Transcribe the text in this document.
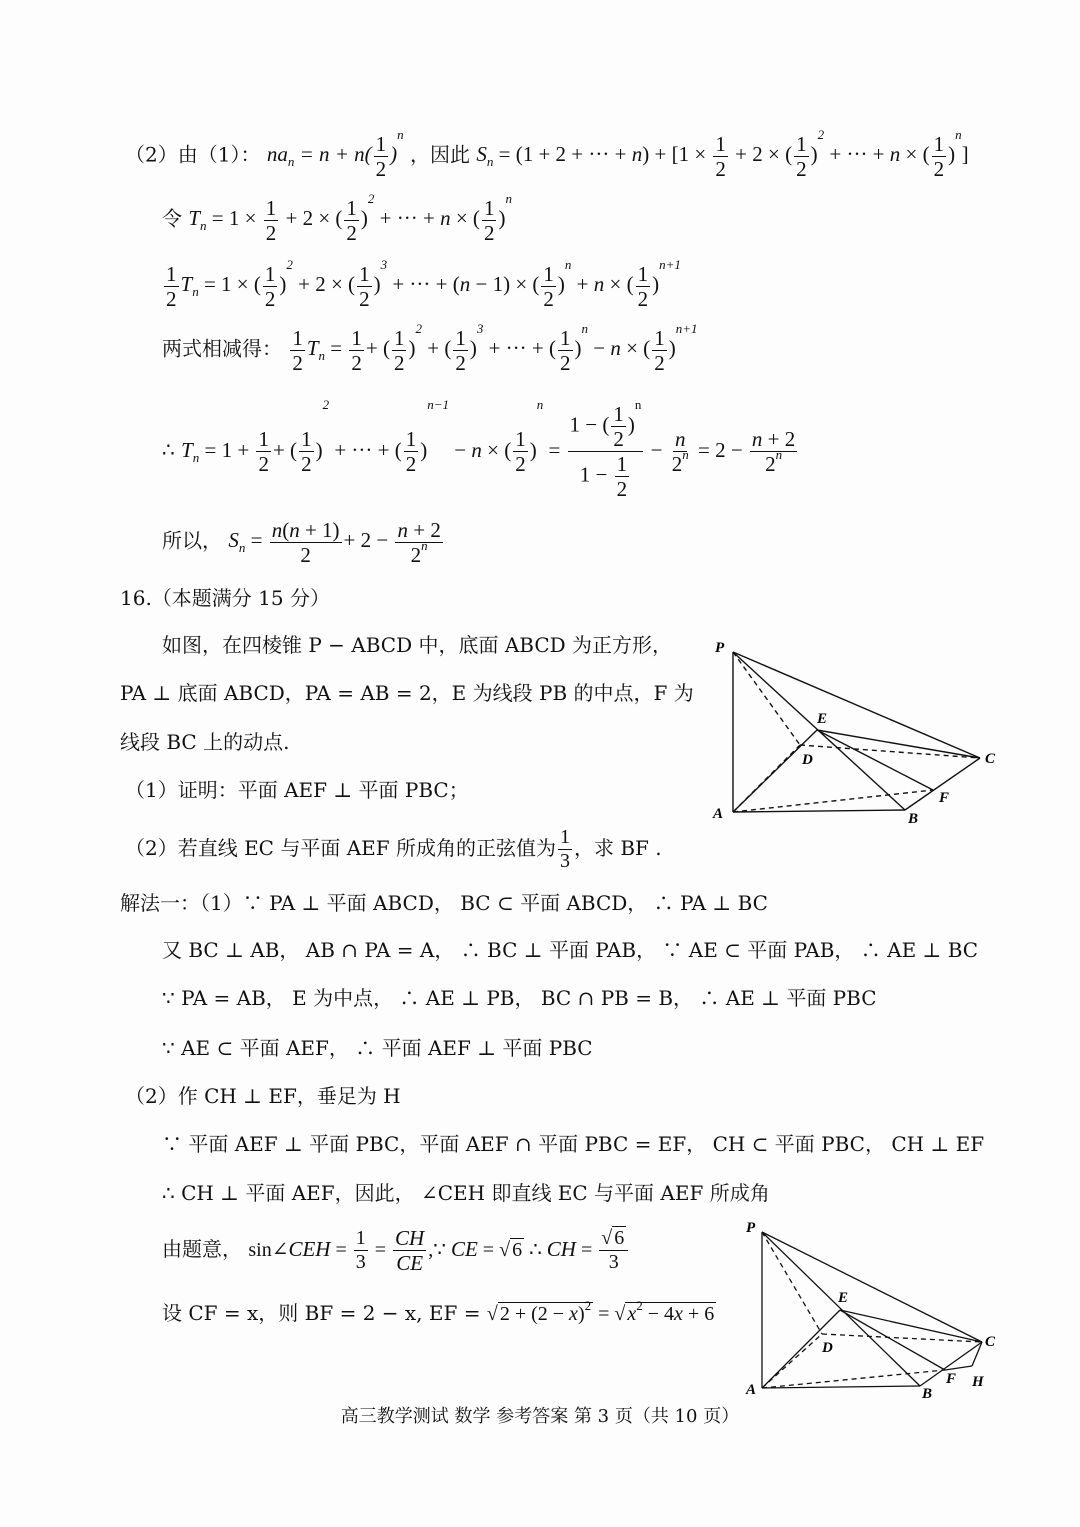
（2）由（1）： $na_n = n + n( \frac{1}{2} )^n$ ，因此 $S_n = (1 + 2$ + ··· + $n) + [1 \times \frac{1}{2} + 2$ × ( $\frac{1}{2} )^2$ + ··· + n × ( $\frac{1}{2} )^n$]
令 $T_n = 1 \times \frac{1}{2} + 2$ × ( $\frac{1}{2} )^2$ + ··· + n × ( $\frac{1}{2} )^n$
$\frac{1}{2} T_n = 1$ × ( $\frac{1}{2} )^2 + 2$ × ( $\frac{1}{2} )^3$ + ··· + (n − 1) × ( $\frac{1}{2} )^n + n$ × ( $\frac{1}{2} )^{n+1}$
两式相减得： $\frac{1}{2} T_n = \frac{1}{2}$ + ( $\frac{1}{2} )^2$ + ( $\frac{1}{2} )^3$ + ··· + ( $\frac{1}{2} )^n - n$ × ( $\frac{1}{2} )^{n+1}$
∴ $T_n = 1 + \frac{1}{2}$ + ( $\frac{1}{2} )^2$ + ··· + ( $\frac{1}{2} )^{n-1} - n$ × ( $\frac{1}{2} )^n = \frac{1 - ( \frac{1}{2} )^n}{1 - \frac{1}{2}} - \frac{n}{2^n} = 2 - \frac{n + 2}{2^n}$
所以， $S_n = \frac{n(n + 1)}{2} + 2 - \frac{n + 2}{2^n}$
16.（本题满分 15 分）
如图，在四棱锥 P − ABCD 中，底面 ABCD 为正方形，
PA ⊥ 底面 ABCD，PA = AB = 2，E 为线段 PB 的中点，F 为
线段 BC 上的动点.
（1）证明：平面 AEF ⊥ 平面 PBC；
（2）若直线 EC 与平面 AEF 所成角的正弦值为 $\frac{1}{3}$ ，求 BF .
P
E
C
D
F
A	B
解法一：（1）∵ PA ⊥ 平面 ABCD， BC ⊂ 平面 ABCD， ∴ PA ⊥ BC
又 BC ⊥ AB， AB ∩ PA = A， ∴ BC ⊥ 平面 PAB， ∵ AE ⊂ 平面 PAB， ∴ AE ⊥ BC
∵ PA = AB， E 为中点， ∴ AE ⊥ PB， BC ∩ PB = B， ∴ AE ⊥ 平面 PBC
∵ AE ⊂ 平面 AEF， ∴ 平面 AEF ⊥ 平面 PBC
（2）作 CH ⊥ EF，垂足为 H
∵ 平面 AEF ⊥ 平面 PBC，平面 AEF ∩ 平面 PBC = EF， CH ⊂ 平面 PBC， CH ⊥ EF
∴ CH ⊥ 平面 AEF，因此， ∠CEH 即直线 EC 与平面 AEF 所成角
由题意， sin∠CEH = $\frac{1}{3} = \frac{CH}{CE}$ ,∵ CE = √ 6 ∴ CH = $\frac{√ 6}{3}$
设 CF = x，则 BF = 2 − x, EF = √ $2 + (2 - x)^2$ = √ $x^2 - 4x + 6$
P
E
C
D
F H
A	B
高三教学测试 数学 参考答案 第 3 页（共 10 页）
